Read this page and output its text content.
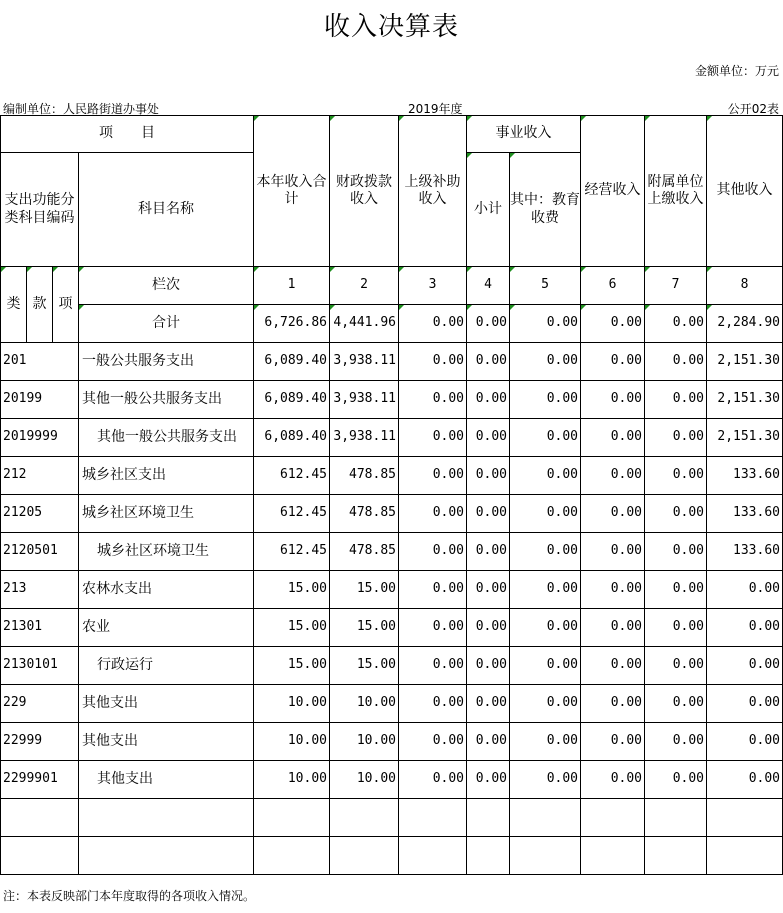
收入决算表
金额单位：万元
编制单位：人民路街道办事处	2019年度	公开02表
项　　目				本年收入合计	财政拨款收入	上级补助收入	事业收入		经营收入	附属单位上缴收入	其他收入
支出功能分类科目编码			科目名称				小计	其中：教育收费			
类	款	项	栏次	1	2	3	4	5	6	7	8
			合计	6,726.86	4,441.96	0.00	0.00	0.00	0.00	0.00	2,284.90
201			一般公共服务支出	6,089.40	3,938.11	0.00	0.00	0.00	0.00	0.00	2,151.30
20199			其他一般公共服务支出	6,089.40	3,938.11	0.00	0.00	0.00	0.00	0.00	2,151.30
2019999			其他一般公共服务支出	6,089.40	3,938.11	0.00	0.00	0.00	0.00	0.00	2,151.30
212			城乡社区支出	612.45	478.85	0.00	0.00	0.00	0.00	0.00	133.60
21205			城乡社区环境卫生	612.45	478.85	0.00	0.00	0.00	0.00	0.00	133.60
2120501			城乡社区环境卫生	612.45	478.85	0.00	0.00	0.00	0.00	0.00	133.60
213			农林水支出	15.00	15.00	0.00	0.00	0.00	0.00	0.00	0.00
21301			农业	15.00	15.00	0.00	0.00	0.00	0.00	0.00	0.00
2130101			行政运行	15.00	15.00	0.00	0.00	0.00	0.00	0.00	0.00
229			其他支出	10.00	10.00	0.00	0.00	0.00	0.00	0.00	0.00
22999			其他支出	10.00	10.00	0.00	0.00	0.00	0.00	0.00	0.00
2299901			其他支出	10.00	10.00	0.00	0.00	0.00	0.00	0.00	0.00

注：本表反映部门本年度取得的各项收入情况。
